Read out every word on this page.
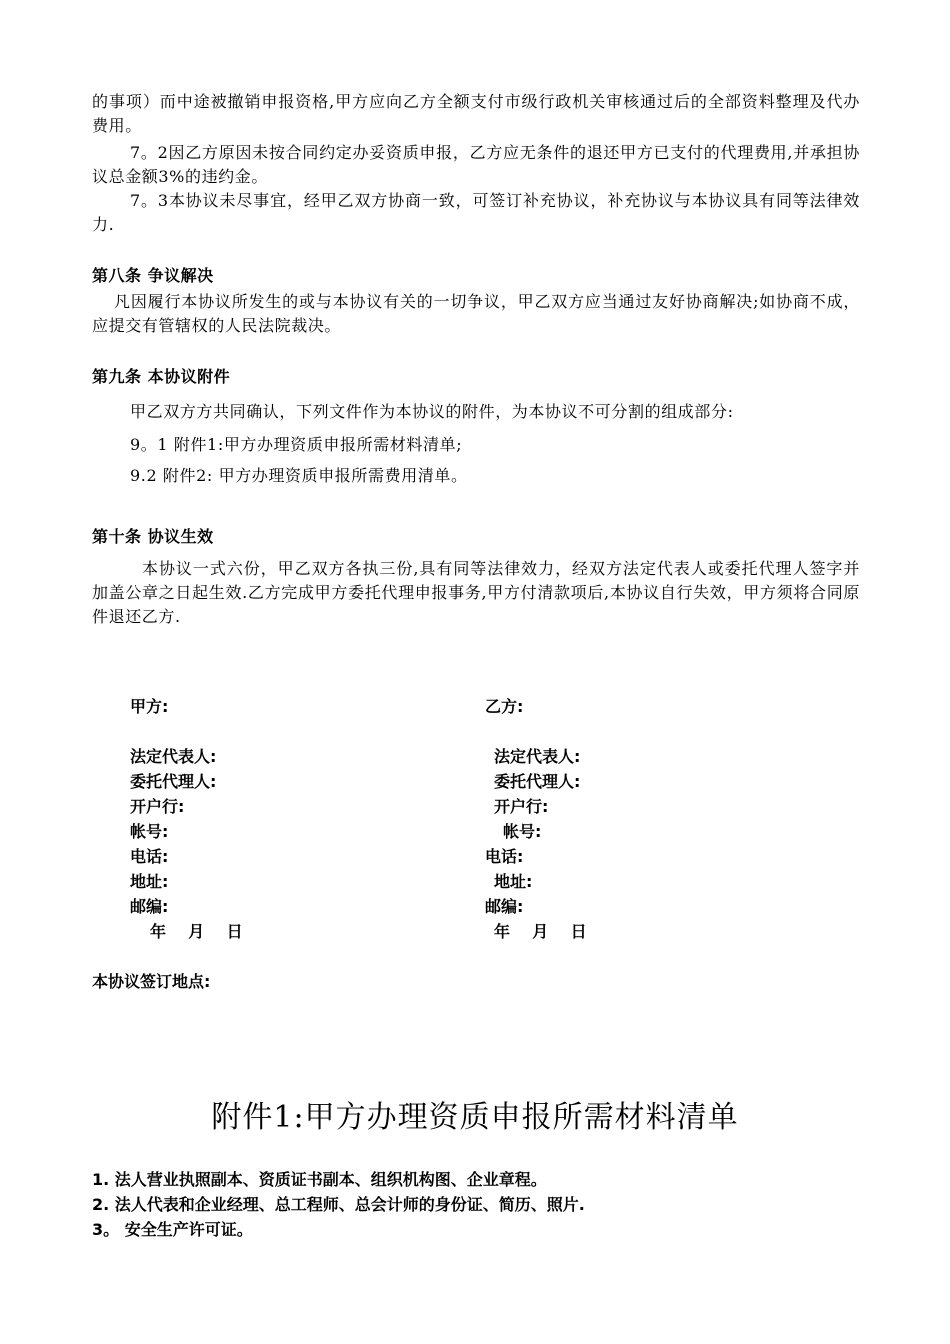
的事项）而中途被撤销申报资格,甲方应向乙方全额支付市级行政机关审核通过后的全部资料整理及代办费用。
7。2因乙方原因未按合同约定办妥资质申报，乙方应无条件的退还甲方已支付的代理费用,并承担协议总金额3%的违约金。
7。3本协议未尽事宜，经甲乙双方协商一致，可签订补充协议，补充协议与本协议具有同等法律效力.
第八条 争议解决
凡因履行本协议所发生的或与本协议有关的一切争议，甲乙双方应当通过友好协商解决;如协商不成，应提交有管辖权的人民法院裁决。
第九条 本协议附件
甲乙双方方共同确认，下列文件作为本协议的附件，为本协议不可分割的组成部分:
9。1 附件1:甲方办理资质申报所需材料清单;
9.2 附件2: 甲方办理资质申报所需费用清单。
第十条 协议生效
本协议一式六份，甲乙双方各执三份,具有同等法律效力，经双方法定代表人或委托代理人签字并加盖公章之日起生效.乙方完成甲方委托代理申报事务,甲方付清款项后,本协议自行失效，甲方须将合同原件退还乙方.
甲方:
法定代表人:
委托代理人:
开户行:
帐号:
电话:
地址:
邮编:
年    月    日
乙方:
法定代表人:
委托代理人:
开户行:
帐号:
电话:
地址:
邮编:
年    月    日
本协议签订地点:
附件1:甲方办理资质申报所需材料清单
1. 法人营业执照副本、资质证书副本、组织机构图、企业章程。
2. 法人代表和企业经理、总工程师、总会计师的身份证、简历、照片.
3。 安全生产许可证。
